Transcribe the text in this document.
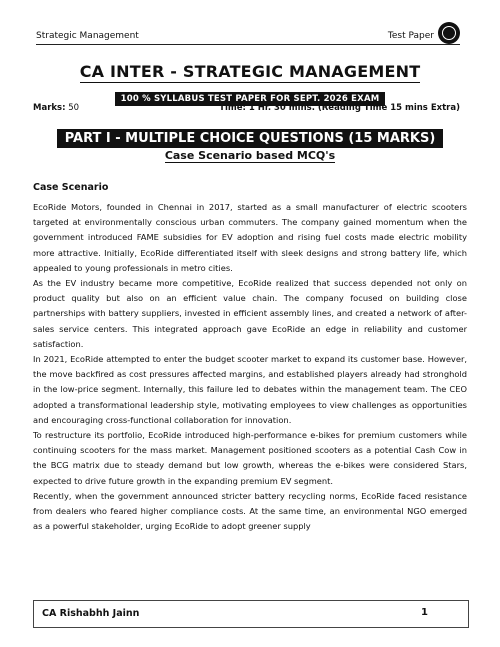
Strategic Management	Test Paper
CA INTER - STRATEGIC MANAGEMENT
100 % SYLLABUS TEST PAPER FOR SEPT. 2026 EXAM
Marks: 50	Time: 1 Hr. 30 mins. (Reading Time 15 mins Extra)
PART I - MULTIPLE CHOICE QUESTIONS (15 MARKS)
Case Scenario based MCQ's
Case Scenario

EcoRide Motors, founded in Chennai in 2017, started as a small manufacturer of electric scooters targeted at environmentally conscious urban commuters. The company gained momentum when the government introduced FAME subsidies for EV adoption and rising fuel costs made electric mobility more attractive. Initially, EcoRide differentiated itself with sleek designs and strong battery life, which appealed to young professionals in metro cities.

As the EV industry became more competitive, EcoRide realized that success depended not only on product quality but also on an efficient value chain. The company focused on building close partnerships with battery suppliers, invested in efficient assembly lines, and created a network of after-sales service centers. This integrated approach gave EcoRide an edge in reliability and customer satisfaction.

In 2021, EcoRide attempted to enter the budget scooter market to expand its customer base. However, the move backfired as cost pressures affected margins, and established players already had stronghold in the low-price segment. Internally, this failure led to debates within the management team. The CEO adopted a transformational leadership style, motivating employees to view challenges as opportunities and encouraging cross-functional collaboration for innovation.

To restructure its portfolio, EcoRide introduced high-performance e-bikes for premium customers while continuing scooters for the mass market. Management positioned scooters as a potential Cash Cow in the BCG matrix due to steady demand but low growth, whereas the e-bikes were considered Stars, expected to drive future growth in the expanding premium EV segment.

Recently, when the government announced stricter battery recycling norms, EcoRide faced resistance from dealers who feared higher compliance costs. At the same time, an environmental NGO emerged as a powerful stakeholder, urging EcoRide to adopt greener supply

CA Rishabhh Jainn	1
